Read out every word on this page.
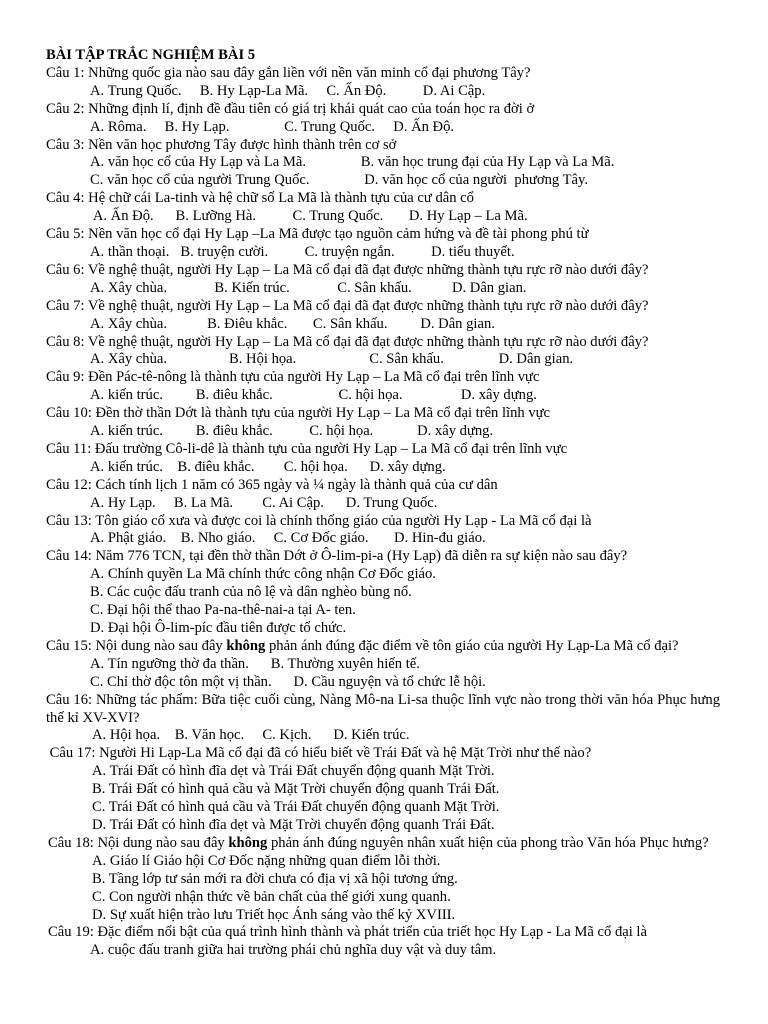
BÀI TẬP TRẮC NGHIỆM BÀI 5
Câu 1: Những quốc gia nào sau đây gắn liền với nền văn minh cổ đại phương Tây?
A. Trung Quốc.     B. Hy Lạp-La Mã.     C. Ấn Độ.          D. Ai Cập.
Câu 2: Những định lí, định đề đầu tiên có giá trị khái quát cao của toán học ra đời ở
A. Rôma.     B. Hy Lạp.               C. Trung Quốc.     D. Ấn Độ.
Câu 3: Nền văn học phương Tây được hình thành trên cơ sở
A. văn học cổ của Hy Lạp và La Mã.               B. văn học trung đại của Hy Lạp và La Mã.
C. văn học cổ của người Trung Quốc.               D. văn học cổ của người  phương Tây.
Câu 4: Hệ chữ cái La-tinh và hệ chữ số La Mã là thành tựu của cư dân cổ
A. Ấn Độ.      B. Lưỡng Hà.          C. Trung Quốc.       D. Hy Lạp – La Mã.
Câu 5: Nền văn học cổ đại Hy Lạp –La Mã được tạo nguồn cảm hứng và đề tài phong phú từ
A. thần thoại.   B. truyện cười.          C. truyện ngắn.          D. tiểu thuyết.
Câu 6: Về nghệ thuật, người Hy Lạp – La Mã cổ đại đã đạt được những thành tựu rực rỡ nào dưới đây?
A. Xây chùa.             B. Kiến trúc.             C. Sân khấu.           D. Dân gian.
Câu 7: Về nghệ thuật, người Hy Lạp – La Mã cổ đại đã đạt được những thành tựu rực rỡ nào dưới đây?
A. Xây chùa.           B. Điêu khắc.       C. Sân khấu.         D. Dân gian.
Câu 8: Về nghệ thuật, người Hy Lạp – La Mã cổ đại đã đạt được những thành tựu rực rỡ nào dưới đây?
A. Xây chùa.                 B. Hội họa.                    C. Sân khấu.               D. Dân gian.
Câu 9: Đền Pác-tê-nông là thành tựu của người Hy Lạp – La Mã cổ đại trên lĩnh vực
A. kiến trúc.         B. điêu khắc.                  C. hội họa.                D. xây dựng.
Câu 10: Đền thờ thần Dớt là thành tựu của người Hy Lạp – La Mã cổ đại trên lĩnh vực
A. kiến trúc.         B. điêu khắc.          C. hội họa.            D. xây dựng.
Câu 11: Đấu trường Cô-li-dê là thành tựu của người Hy Lạp – La Mã cổ đại trên lĩnh vực
A. kiến trúc.    B. điêu khắc.        C. hội họa.      D. xây dựng.
Câu 12: Cách tính lịch 1 năm có 365 ngày và ¼ ngày là thành quả của cư dân
A. Hy Lạp.     B. La Mã.        C. Ai Cập.      D. Trung Quốc.
Câu 13: Tôn giáo cổ xưa và được coi là chính thống giáo của người Hy Lạp - La Mã cổ đại là
A. Phật giáo.    B. Nho giáo.     C. Cơ Đốc giáo.       D. Hin-đu giáo.
Câu 14: Năm 776 TCN, tại đền thờ thần Dớt ở Ô-lim-pi-a (Hy Lạp) đã diễn ra sự kiện nào sau đây?
A. Chính quyền La Mã chính thức công nhận Cơ Đốc giáo.
B. Các cuộc đấu tranh của nô lệ và dân nghèo bùng nổ.
C. Đại hội thể thao Pa-na-thê-nai-a tại A- ten.
D. Đại hội Ô-lim-píc đầu tiên được tổ chức.
Câu 15: Nội dung nào sau đây không phản ánh đúng đặc điểm về tôn giáo của người Hy Lạp-La Mã cổ đại?
A. Tín ngưỡng thờ đa thần.      B. Thường xuyên hiến tế.
C. Chỉ thờ độc tôn một vị thần.      D. Cầu nguyện và tổ chức lễ hội.
Câu 16: Những tác phẩm: Bữa tiệc cuối cùng, Nàng Mô-na Li-sa thuộc lĩnh vực nào trong thời văn hóa Phục hưng thế kỉ XV-XVI?
A. Hội họa.    B. Văn học.     C. Kịch.      D. Kiến trúc.
Câu 17: Người Hi Lạp-La Mã cổ đại đã có hiểu biết về Trái Đất và hệ Mặt Trời như thế nào?
A. Trái Đất có hình đĩa dẹt và Trái Đất chuyển động quanh Mặt Trời.
B. Trái Đất có hình quả cầu và Mặt Trời chuyển động quanh Trái Đất.
C. Trái Đất có hình quả cầu và Trái Đất chuyển động quanh Mặt Trời.
D. Trái Đất có hình đĩa dẹt và Mặt Trời chuyển động quanh Trái Đất.
Câu 18: Nội dung nào sau đây không phản ánh đúng nguyên nhân xuất hiện của phong trào Văn hóa Phục hưng?
A. Giáo lí Giáo hội Cơ Đốc nặng những quan điểm lỗi thời.
B. Tầng lớp tư sản mới ra đời chưa có địa vị xã hội tương ứng.
C. Con người nhận thức về bản chất của thế giới xung quanh.
D. Sự xuất hiện trào lưu Triết học Ánh sáng vào thế kỷ XVIII.
Câu 19: Đặc điểm nổi bật của quá trình hình thành và phát triển của triết học Hy Lạp - La Mã cổ đại là
A. cuộc đấu tranh giữa hai trường phái chủ nghĩa duy vật và duy tâm.
